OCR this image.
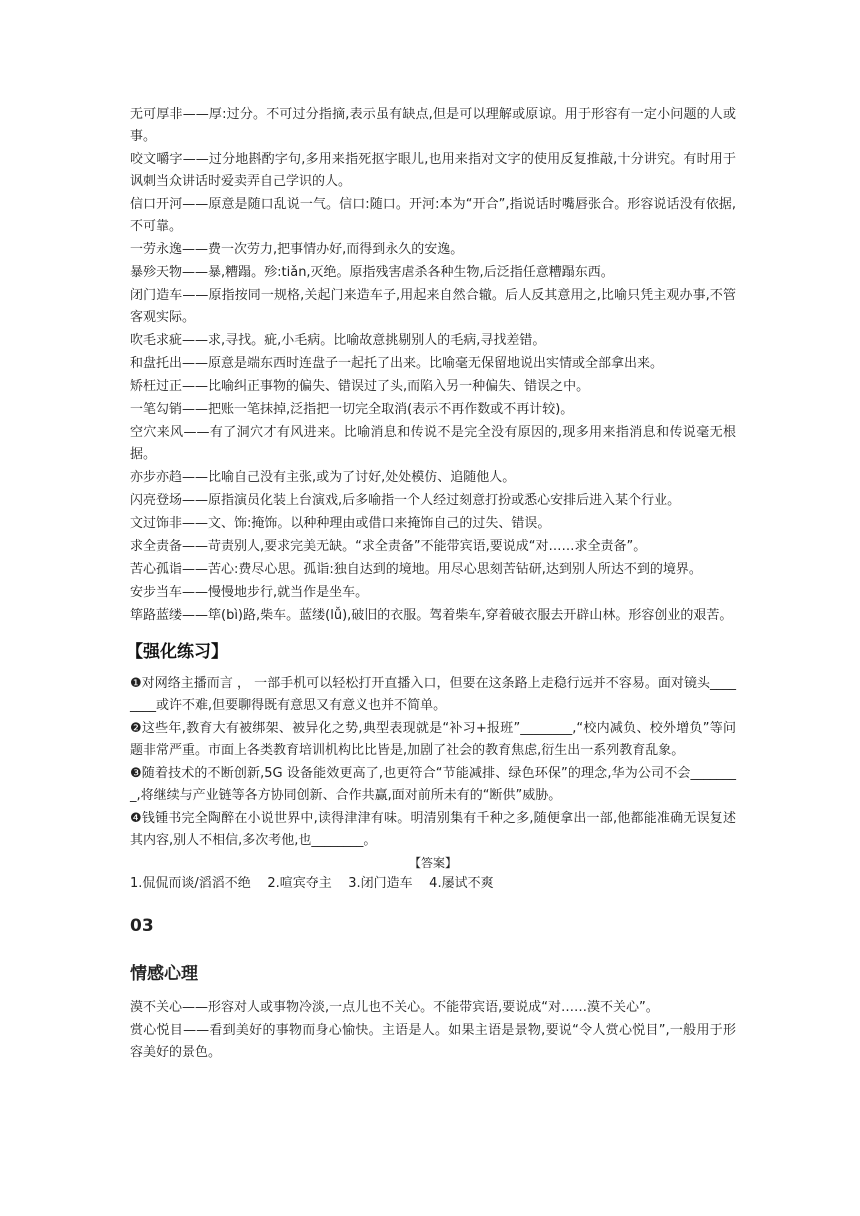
无可厚非——厚:过分。不可过分指摘,表示虽有缺点,但是可以理解或原谅。用于形容有一定小问题的人或事。

咬文嚼字——过分地斟酌字句,多用来指死抠字眼儿,也用来指对文字的使用反复推敲,十分讲究。有时用于讽刺当众讲话时爱卖弄自己学识的人。

信口开河——原意是随口乱说一气。信口:随口。开河:本为“开合”,指说话时嘴唇张合。形容说话没有依据,不可靠。

一劳永逸——费一次劳力,把事情办好,而得到永久的安逸。

暴殄天物——暴,糟蹋。殄:tiǎn,灭绝。原指残害虐杀各种生物,后泛指任意糟蹋东西。

闭门造车——原指按同一规格,关起门来造车子,用起来自然合辙。后人反其意用之,比喻只凭主观办事,不管客观实际。

吹毛求疵——求,寻找。疵,小毛病。比喻故意挑剔别人的毛病,寻找差错。

和盘托出——原意是端东西时连盘子一起托了出来。比喻毫无保留地说出实情或全部拿出来。

矫枉过正——比喻纠正事物的偏失、错误过了头,而陷入另一种偏失、错误之中。

一笔勾销——把账一笔抹掉,泛指把一切完全取消(表示不再作数或不再计较)。

空穴来风——有了洞穴才有风进来。比喻消息和传说不是完全没有原因的,现多用来指消息和传说毫无根据。

亦步亦趋——比喻自己没有主张,或为了讨好,处处模仿、追随他人。

闪亮登场——原指演员化装上台演戏,后多喻指一个人经过刻意打扮或悉心安排后进入某个行业。

文过饰非——文、饰:掩饰。以种种理由或借口来掩饰自己的过失、错误。

求全责备——苛责别人,要求完美无缺。“求全责备”不能带宾语,要说成“对……求全责备”。

苦心孤诣——苦心:费尽心思。孤诣:独自达到的境地。用尽心思刻苦钻研,达到别人所达不到的境界。

安步当车——慢慢地步行,就当作是坐车。

筚路蓝缕——筚(bì)路,柴车。蓝缕(lǚ),破旧的衣服。驾着柴车,穿着破衣服去开辟山林。形容创业的艰苦。

【强化练习】

❶对网络主播而言 ， 一部手机可以轻松打开直播入口，但要在这条路上走稳行远并不容易。面对镜头________或许不难,但要聊得既有意思又有意义也并不简单。

❷这些年,教育大有被绑架、被异化之势,典型表现就是“补习+报班”________,“校内减负、校外增负”等问题非常严重。市面上各类教育培训机构比比皆是,加剧了社会的教育焦虑,衍生出一系列教育乱象。

❸随着技术的不断创新,5G 设备能效更高了,也更符合“节能减排、绿色环保”的理念,华为公司不会________,将继续与产业链等各方协同创新、合作共赢,面对前所未有的“断供”威胁。

❹钱锺书完全陶醉在小说世界中,读得津津有味。明清别集有千种之多,随便拿出一部,他都能准确无误复述其内容,别人不相信,多次考他,也________。

【答案】

1.侃侃而谈/滔滔不绝    2.喧宾夺主    3.闭门造车    4.屡试不爽

03
情感心理

漠不关心——形容对人或事物冷淡,一点儿也不关心。不能带宾语,要说成“对……漠不关心”。

赏心悦目——看到美好的事物而身心愉快。主语是人。如果主语是景物,要说“令人赏心悦目”,一般用于形容美好的景色。
